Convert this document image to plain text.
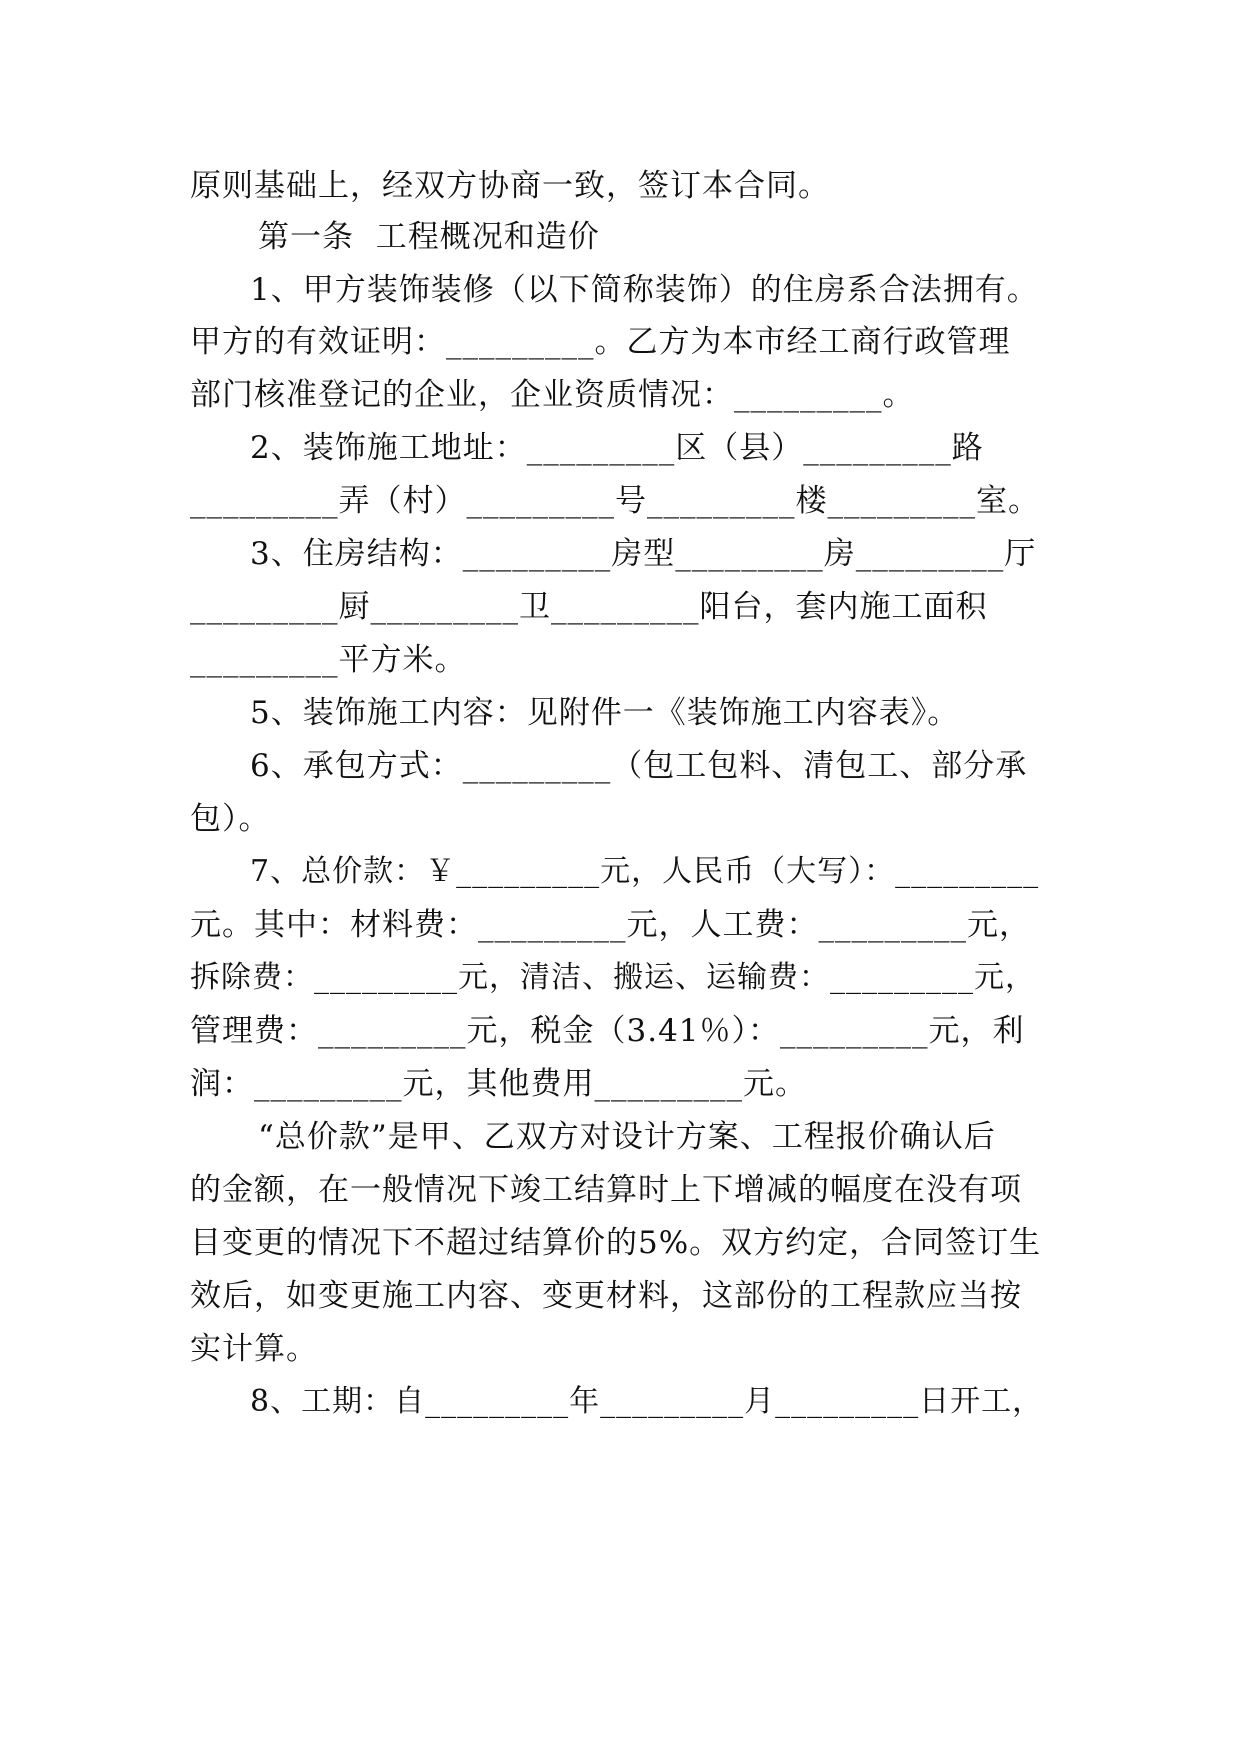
原则基础上，经双方协商一致，签订本合同。
第一条  工程概况和造价
1、甲方装饰装修（以下简称装饰）的住房系合法拥有。
甲方的有效证明：_________。乙方为本市经工商行政管理
部门核准登记的企业，企业资质情况：_________。
2、装饰施工地址：_________区（县）_________路
_________弄（村）_________号_________楼_________室。
3、住房结构：_________房型_________房_________厅
_________厨_________卫_________阳台，套内施工面积
_________平方米。
5、装饰施工内容：见附件一《装饰施工内容表》。
6、承包方式：_________（包工包料、清包工、部分承
包）。
7、总价款：￥_________元，人民币（大写）：_________
元。其中：材料费：_________元，人工费：_________元，
拆除费：_________元，清洁、搬运、运输费：_________元，
管理费：_________元，税金（3.41％）：_________元，利
润：_________元，其他费用_________元。
“总价款”是甲、乙双方对设计方案、工程报价确认后
的金额，在一般情况下竣工结算时上下增减的幅度在没有项
目变更的情况下不超过结算价的5%。双方约定，合同签订生
效后，如变更施工内容、变更材料，这部份的工程款应当按
实计算。
8、工期：自_________年_________月_________日开工，
